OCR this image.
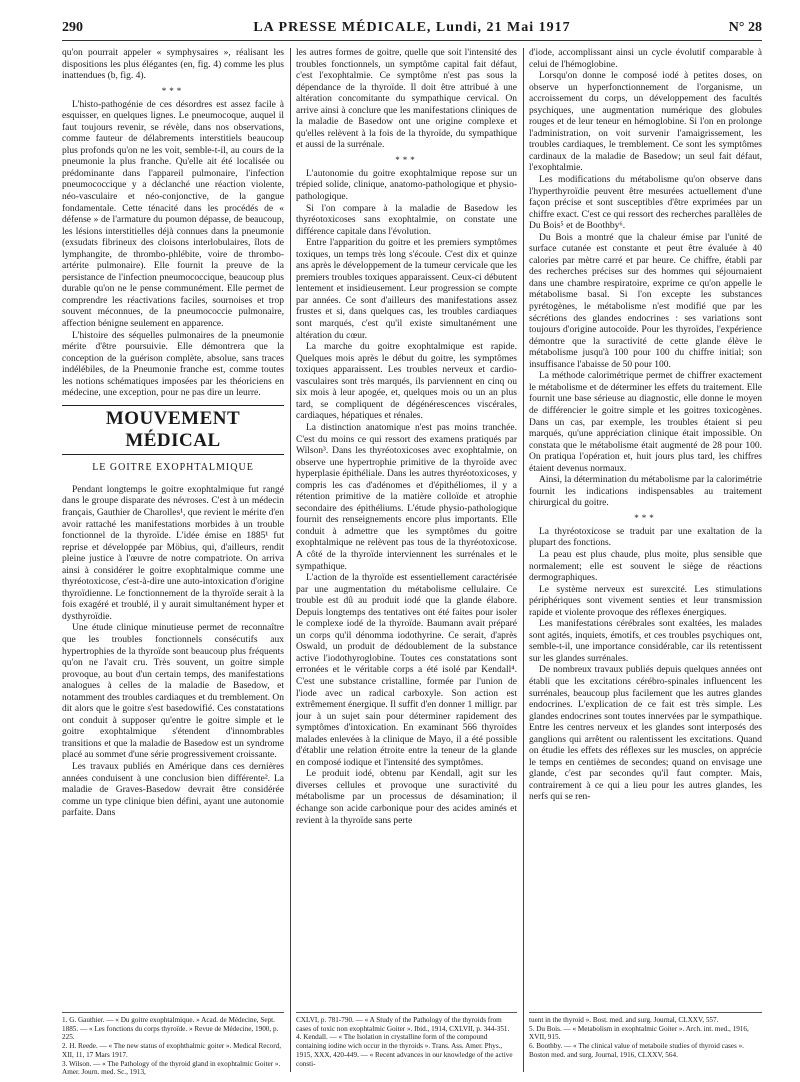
290	LA PRESSE MÉDICALE, Lundi, 21 Mai 1917	N° 28

qu'on pourrait appeler « symphysaires », réalisant les dispositions les plus élégantes (en, fig. 4) comme les plus inattendues (b, fig. 4).

***

L'histo-pathogénie de ces désordres est assez facile à esquisser, en quelques lignes. Le pneumocoque, auquel il faut toujours revenir, se révèle, dans nos observations, comme fauteur de délabrements interstitiels beaucoup plus profonds qu'on ne les voit, semble-t-il, au cours de la pneumonie la plus franche. Qu'elle ait été localisée ou prédominante dans l'appareil pulmonaire, l'infection pneumococcique y a déclanché une réaction violente, néo-vasculaire et néo-conjonctive, de la gangue fondamentale. Cette ténacité dans les procédés de « défense » de l'armature du poumon dépasse, de beaucoup, les lésions interstitielles déjà connues dans la pneumonie (exsudats fibrineux des cloisons interlobulaires, îlots de lymphangite, de thrombo-phlébite, voire de thrombo-artérite pulmonaire). Elle fournit la preuve de la persistance de l'infection pneumococcique, beaucoup plus durable qu'on ne le pense communément. Elle permet de comprendre les réactivations faciles, sournoises et trop souvent méconnues, de la pneumococcie pulmonaire, affection bénigne seulement en apparence.

L'histoire des séquelles pulmonaires de la pneumonie mérite d'être poursuivie. Elle démontrera que la conception de la guérison complète, absolue, sans traces indélébiles, de la Pneumonie franche est, comme toutes les notions schématiques imposées par les théoriciens en médecine, une exception, pour ne pas dire un leurre.

MOUVEMENT MÉDICAL
LE GOITRE EXOPHTALMIQUE

Pendant longtemps le goitre exophtalmique fut rangé dans le groupe disparate des névroses. C'est à un médecin français, Gauthier de Charolles¹, que revient le mérite d'en avoir rattaché les manifestations morbides à un trouble fonctionnel de la thyroïde. L'idée émise en 1885¹ fut reprise et développée par Möbius, qui, d'ailleurs, rendit pleine justice à l'œuvre de notre compatriote. On arriva ainsi à considérer le goitre exophtalmique comme une thyréotoxicose, c'est-à-dire une auto-intoxication d'origine thyroïdienne. Le fonctionnement de la thyroïde serait à la fois exagéré et troublé, il y aurait simultanément hyper et dysthyroïdie.

Une étude clinique minutieuse permet de reconnaître que les troubles fonctionnels consécutifs aux hypertrophies de la thyroïde sont beaucoup plus fréquents qu'on ne l'avait cru. Très souvent, un goitre simple provoque, au bout d'un certain temps, des manifestations analogues à celles de la maladie de Basedow, et notamment des troubles cardiaques et du tremblement. On dit alors que le goitre s'est basedowifié. Ces constatations ont conduit à supposer qu'entre le goitre simple et le goitre exophtalmique s'étendent d'innombrables transitions et que la maladie de Basedow est un syndrome placé au sommet d'une série progressivement croissante.

Les travaux publiés en Amérique dans ces dernières années conduisent à une conclusion bien différente². La maladie de Graves-Basedow devrait être considérée comme un type clinique bien défini, ayant une autonomie parfaite. Dans

les autres formes de goitre, quelle que soit l'intensité des troubles fonctionnels, un symptôme capital fait défaut, c'est l'exophtalmie. Ce symptôme n'est pas sous la dépendance de la thyroïde. Il doit être attribué à une altération concomitante du sympathique cervical. On arrive ainsi à conclure que les manifestations cliniques de la maladie de Basedow ont une origine complexe et qu'elles relèvent à la fois de la thyroïde, du sympathique et aussi de la surrénale.

***

L'autonomie du goitre exophtalmique repose sur un trépied solide, clinique, anatomo-pathologique et physio-pathologique.

Si l'on compare à la maladie de Basedow les thyréotoxicoses sans exophtalmie, on constate une différence capitale dans l'évolution.

Entre l'apparition du goitre et les premiers symptômes toxiques, un temps très long s'écoule. C'est dix et quinze ans après le développement de la tumeur cervicale que les premiers troubles toxiques apparaissent. Ceux-ci débutent lentement et insidieusement. Leur progression se compte par années. Ce sont d'ailleurs des manifestations assez frustes et si, dans quelques cas, les troubles cardiaques sont marqués, c'est qu'il existe simultanément une altération du cœur.

La marche du goitre exophtalmique est rapide. Quelques mois après le début du goitre, les symptômes toxiques apparaissent. Les troubles nerveux et cardio-vasculaires sont très marqués, ils parviennent en cinq ou six mois à leur apogée, et, quelques mois ou un an plus tard, se compliquent de dégénérescences viscérales, cardiaques, hépatiques et rénales.

La distinction anatomique n'est pas moins tranchée. C'est du moins ce qui ressort des examens pratiqués par Wilson³. Dans les thyréotoxicoses avec exophtalmie, on observe une hypertrophie primitive de la thyroïde avec hyperplasie épithéliale. Dans les autres thyréotoxicoses, y compris les cas d'adénomes et d'épithéliomes, il y a rétention primitive de la matière colloïde et atrophie secondaire des épithéliums. L'étude physio-pathologique fournit des renseignements encore plus importants. Elle conduit à admettre que les symptômes du goitre exophtalmique ne relèvent pas tous de la thyréotoxicose. A côté de la thyroïde interviennent les surrénales et le sympathique.

L'action de la thyroïde est essentiellement caractérisée par une augmentation du métabolisme cellulaire. Ce trouble est dû au produit iodé que la glande élabore. Depuis longtemps des tentatives ont été faites pour isoler le complexe iodé de la thyroïde. Baumann avait préparé un corps qu'il dénomma iodothyrine. Ce serait, d'après Oswald, un produit de dédoublement de la substance active l'iodothyroglobine. Toutes ces constatations sont erronées et le véritable corps a été isolé par Kendall⁴. C'est une substance cristalline, formée par l'union de l'iode avec un radical carboxyle. Son action est extrêmement énergique. Il suffit d'en donner 1 milligr. par jour à un sujet sain pour déterminer rapidement des symptômes d'intoxication. En examinant 566 thyroïdes malades enlevées à la clinique de Mayo, il a été possible d'établir une relation étroite entre la teneur de la glande en composé iodique et l'intensité des symptômes.

Le produit iodé, obtenu par Kendall, agit sur les diverses cellules et provoque une suractivité du métabolisme par un processus de désamination; il échange son acide carbonique pour des acides aminés et revient à la thyroïde sans perte

d'iode, accomplissant ainsi un cycle évolutif comparable à celui de l'hémoglobine.

Lorsqu'on donne le composé iodé à petites doses, on observe un hyperfonctionnement de l'organisme, un accroissement du corps, un développement des facultés psychiques, une augmentation numérique des globules rouges et de leur teneur en hémoglobine. Si l'on en prolonge l'administration, on voit survenir l'amaigrissement, les troubles cardiaques, le tremblement. Ce sont les symptômes cardinaux de la maladie de Basedow; un seul fait défaut, l'exophtalmie.

Les modifications du métabolisme qu'on observe dans l'hyperthyroïdie peuvent être mesurées actuellement d'une façon précise et sont susceptibles d'être exprimées par un chiffre exact. C'est ce qui ressort des recherches parallèles de Du Bois⁵ et de Boothby⁶.

Du Bois a montré que la chaleur émise par l'unité de surface cutanée est constante et peut être évaluée à 40 calories par mètre carré et par heure. Ce chiffre, établi par des recherches précises sur des hommes qui séjournaient dans une chambre respiratoire, exprime ce qu'on appelle le métabolisme basal. Si l'on excepte les substances pyrétogènes, le métabolisme n'est modifié que par les sécrétions des glandes endocrines : ses variations sont toujours d'origine autocoïde. Pour les thyroïdes, l'expérience démontre que la suractivité de cette glande élève le métabolisme jusqu'à 100 pour 100 du chiffre initial; son insuffisance l'abaisse de 50 pour 100.

La méthode calorimétrique permet de chiffrer exactement le métabolisme et de déterminer les effets du traitement. Elle fournit une base sérieuse au diagnostic, elle donne le moyen de différencier le goitre simple et les goitres toxicogènes. Dans un cas, par exemple, les troubles étaient si peu marqués, qu'une appréciation clinique était impossible. On constata que le métabolisme était augmenté de 28 pour 100. On pratiqua l'opération et, huit jours plus tard, les chiffres étaient devenus normaux.

Ainsi, la détermination du métabolisme par la calorimétrie fournit les indications indispensables au traitement chirurgical du goitre.

***

La thyréotoxicose se traduit par une exaltation de la plupart des fonctions.

La peau est plus chaude, plus moite, plus sensible que normalement; elle est souvent le siège de réactions dermographiques.

Le système nerveux est surexcité. Les stimulations périphériques sont vivement senties et leur transmission rapide et violente provoque des réflexes énergiques.

Les manifestations cérébrales sont exaltées, les malades sont agités, inquiets, émotifs, et ces troubles psychiques ont, semble-t-il, une importance considérable, car ils retentissent sur les glandes surrénales.

De nombreux travaux publiés depuis quelques années ont établi que les excitations cérébro-spinales influencent les surrénales, beaucoup plus facilement que les autres glandes endocrines. L'explication de ce fait est très simple. Les glandes endocrines sont toutes innervées par le sympathique. Entre les centres nerveux et les glandes sont interposés des ganglions qui arrêtent ou ralentissent les excitations. Quand on étudie les effets des réflexes sur les muscles, on apprécie le temps en centièmes de secondes; quand on envisage une glande, c'est par secondes qu'il faut compter. Mais, contrairement à ce qui a lieu pour les autres glandes, les nerfs qui se ren-

1. G. Gauthier. — « Du goitre exophtalmique. » Acad. de Médecine, Sept. 1885. — « Les fonctions du corps thyroïde. » Revue de Médecine, 1900, p. 225.

2. H. Reede. — « The new status of exophthalmic goiter ». Medical Record, XII, 11, 17 Mars 1917.

3. Wilson. — « The Pathology of the thyroid gland in exophtalmic Goiter ». Amer. Journ. med. Sc., 1913,

CXLVI, p. 781-790. — « A Study of the Pathology of the thyroids from cases of toxic non exophtalmic Goiter ». Ibid., 1914, CXLVII, p. 344-351.

4. Kendall. — « The Isolation in crystalline form of the compound containing iodine wich occur in the thyroids ». Trans. Ass. Amer. Phys., 1915, XXX, 420-449. — « Recent advances in our knowledge of the active consti-

tuent in the thyroid ». Bost. med. and surg. Journal, CLXXV, 557.

5. Du Bois. — « Metabolism in exophtalmic Goiter ». Arch. int. med., 1916, XVII, 915.

6. Boothby. — « The clinical value of metaboile studies of thyroid cases ». Boston med. and surg. Journal, 1916, CLXXV, 564.
